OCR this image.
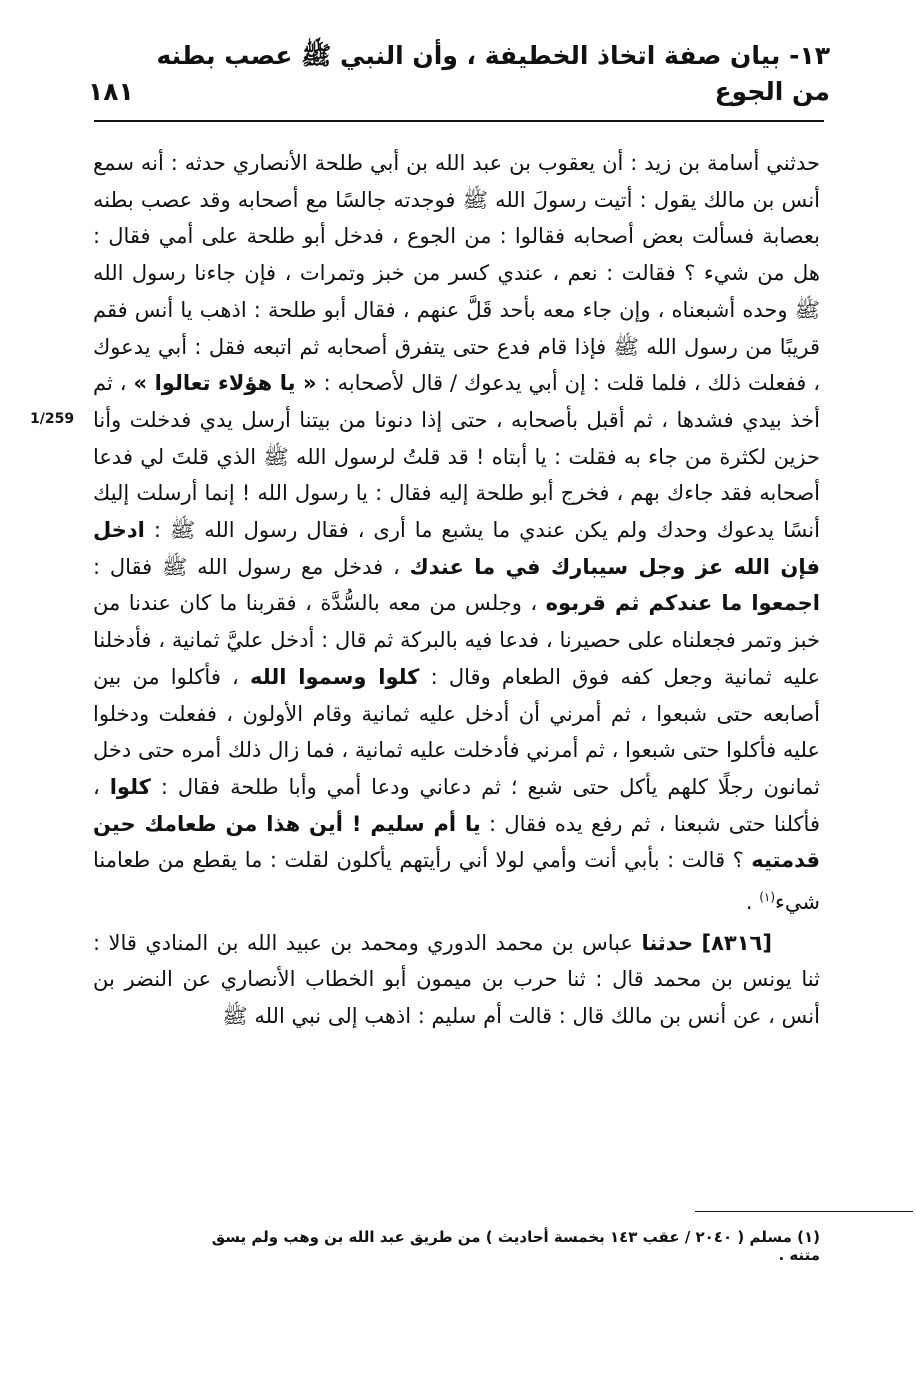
١٣- بيان صفة اتخاذ الخطيفة ، وأن النبي ﷺ عصب بطنه من الجوع
١٨١
1/259

حدثني أسامة بن زيد : أن يعقوب بن عبد الله بن أبي طلحة الأنصاري حدثه : أنه سمع أنس بن مالك يقول : أتيت رسولَ الله ﷺ فوجدته جالسًا مع أصحابه وقد عصب بطنه بعصابة فسألت بعض أصحابه فقالوا : من الجوع ، فدخل أبو طلحة على أمي فقال : هل من شيء ؟ فقالت : نعم ، عندي كسر من خبز وتمرات ، فإن جاءنا رسول الله ﷺ وحده أشبعناه ، وإن جاء معه بأحد قَلَّ عنهم ، فقال أبو طلحة : اذهب يا أنس فقم قريبًا من رسول الله ﷺ فإذا قام فدع حتى يتفرق أصحابه ثم اتبعه فقل : أبي يدعوك ، ففعلت ذلك ، فلما قلت : إن أبي يدعوك / قال لأصحابه : « يا هؤلاء تعالوا » ، ثم أخذ بيدي فشدها ، ثم أقبل بأصحابه ، حتى إذا دنونا من بيتنا أرسل يدي فدخلت وأنا حزين لكثرة من جاء به فقلت : يا أبتاه ! قد قلتُ لرسول الله ﷺ الذي قلتَ لي فدعا أصحابه فقد جاءك بهم ، فخرج أبو طلحة إليه فقال : يا رسول الله ! إنما أرسلت إليك أنسًا يدعوك وحدك ولم يكن عندي ما يشبع ما أرى ، فقال رسول الله ﷺ : ادخل فإن الله عز وجل سيبارك في ما عندك ، فدخل مع رسول الله ﷺ فقال : اجمعوا ما عندكم ثم قربوه ، وجلس من معه بالسُّدَّة ، فقربنا ما كان عندنا من خبز وتمر فجعلناه على حصيرنا ، فدعا فيه بالبركة ثم قال : أدخل عليَّ ثمانية ، فأدخلنا عليه ثمانية وجعل كفه فوق الطعام وقال : كلوا وسموا الله ، فأكلوا من بين أصابعه حتى شبعوا ، ثم أمرني أن أدخل عليه ثمانية وقام الأولون ، ففعلت ودخلوا عليه فأكلوا حتى شبعوا ، ثم أمرني فأدخلت عليه ثمانية ، فما زال ذلك أمره حتى دخل ثمانون رجلًا كلهم يأكل حتى شبع ؛ ثم دعاني ودعا أمي وأبا طلحة فقال : كلوا ، فأكلنا حتى شبعنا ، ثم رفع يده فقال : يا أم سليم ! أين هذا من طعامك حين قدمتيه ؟ قالت : بأبي أنت وأمي لولا أني رأيتهم يأكلون لقلت : ما يقطع من طعامنا شيء$^{(١)}$ .

[٨٣١٦] حدثنا عباس بن محمد الدوري ومحمد بن عبيد الله بن المنادي قالا : ثنا يونس بن محمد قال : ثنا حرب بن ميمون أبو الخطاب الأنصاري عن النضر بن أنس ، عن أنس بن مالك قال : قالت أم سليم : اذهب إلى نبي الله ﷺ

(١) مسلم ( ٢٠٤٠ / عقب ١٤٣ بخمسة أحاديث ) من طريق عبد الله بن وهب ولم يسق متنه .
